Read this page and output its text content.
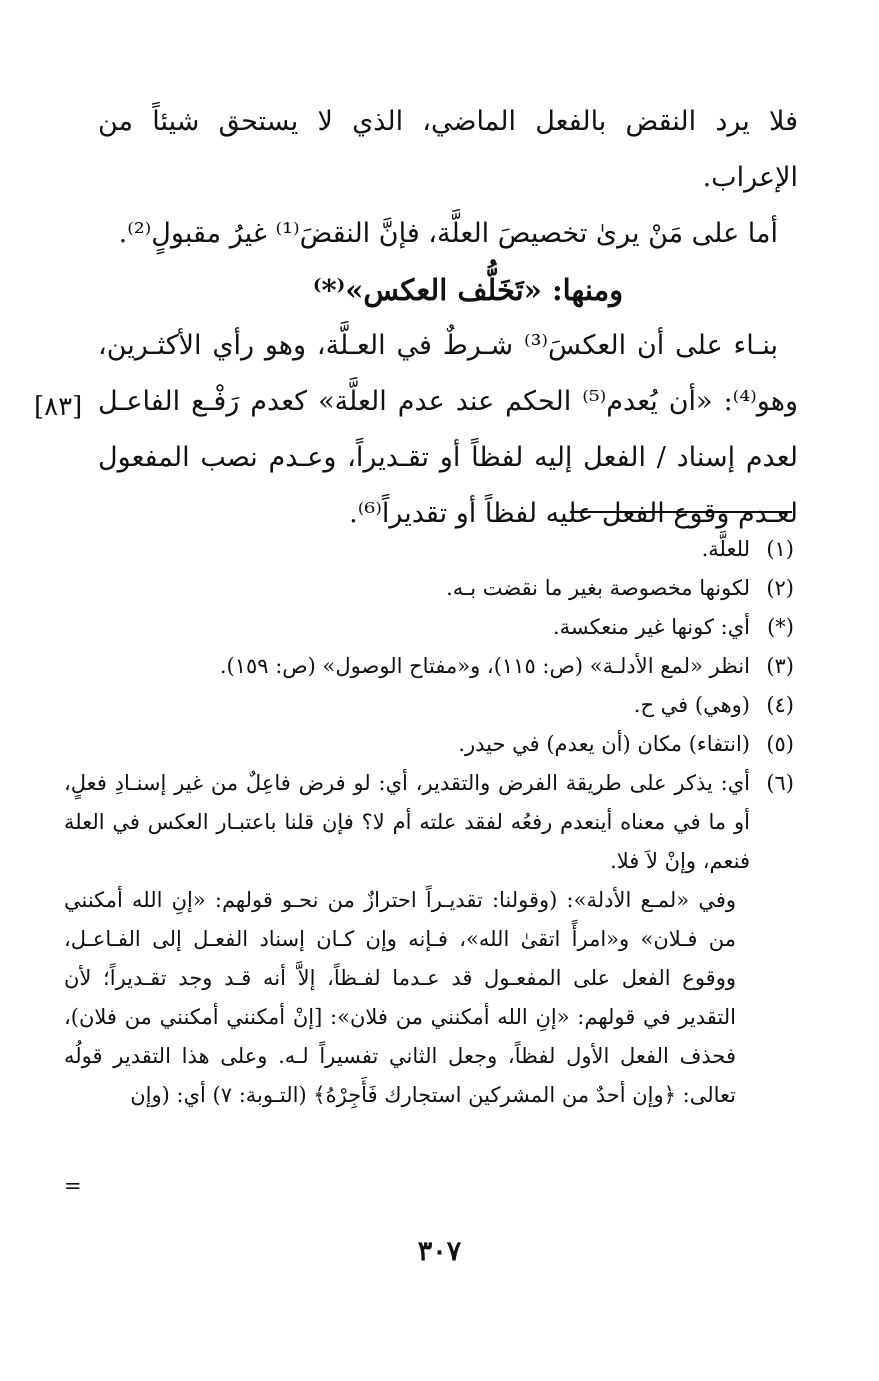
فلا يرد النقض بالفعل الماضي، الذي لا يستحق شيئاً من الإعراب.

أما على مَنْ يرىٰ تخصيصَ العلَّة، فإنَّ النقضَ⁽¹⁾ غيرُ مقبولٍ⁽²⁾.

ومنها: «تَخَلُّف العكس»⁽*⁾

بنـاء على أن العكسَ⁽³⁾ شـرطٌ في العـلَّة، وهو رأي الأكثـرين، وهو⁽⁴⁾: «أن يُعدم⁽⁵⁾ الحكم عند عدم العلَّة» كعدم رَفْـع الفاعـل لعدم إسناد / الفعل إليه لفظاً أو تقـديراً، وعـدم نصب المفعول لعـدم وقوع الفعل عليه لفظاً أو تقديراً⁽⁶⁾.

[٨٣]
(١)
للعلَّة.
(٢)
لكونها مخصوصة بغير ما نقضت بـه.
(*)
أي: كونها غير منعكسة.
(٣)
انظر «لمع الأدلـة» (ص: ١١٥)، و«مفتاح الوصول» (ص: ١٥٩).
(٤)
(وهي) في ح.
(٥)
(انتفاء) مكان (أن يعدم) في حيدر.
(٦)
أي: يذكر على طريقة الفرض والتقدير، أي: لو فرض فاعِلٌ من غير إسنـادِ فعلٍ، أو ما في معناه أينعدم رفعُه لفقد علته أم لا؟ فإن قلنا باعتبـار العكس في العلة فنعم، وإنْ لاَ فلا.

وفي «لمـع الأدلة»: (وقولنا: تقديـراً احترازٌ من نحـو قولهم: «إنِ الله أمكنني من فـلان» و«امرأً اتقىٰ الله»، فـإنه وإن كـان إسناد الفعـل إلى الفـاعـل، ووقوع الفعل على المفعـول قد عـدما لفـظاً، إلاَّ أنه قـد وجد تقـديراً؛ لأن التقدير في قولهم: «إنِ الله أمكنني من فلان»: [إنْ أمكنني أمكنني من فلان)، فحذف الفعل الأول لفظاً، وجعل الثاني تفسيراً لـه. وعلى هذا التقدير قولُه تعالى: ﴿وإن أحدٌ من المشركين استجارك فَأَجِرْهُ﴾ (التـوبة: ٧) أي: (وإن

=
٣٠٧
